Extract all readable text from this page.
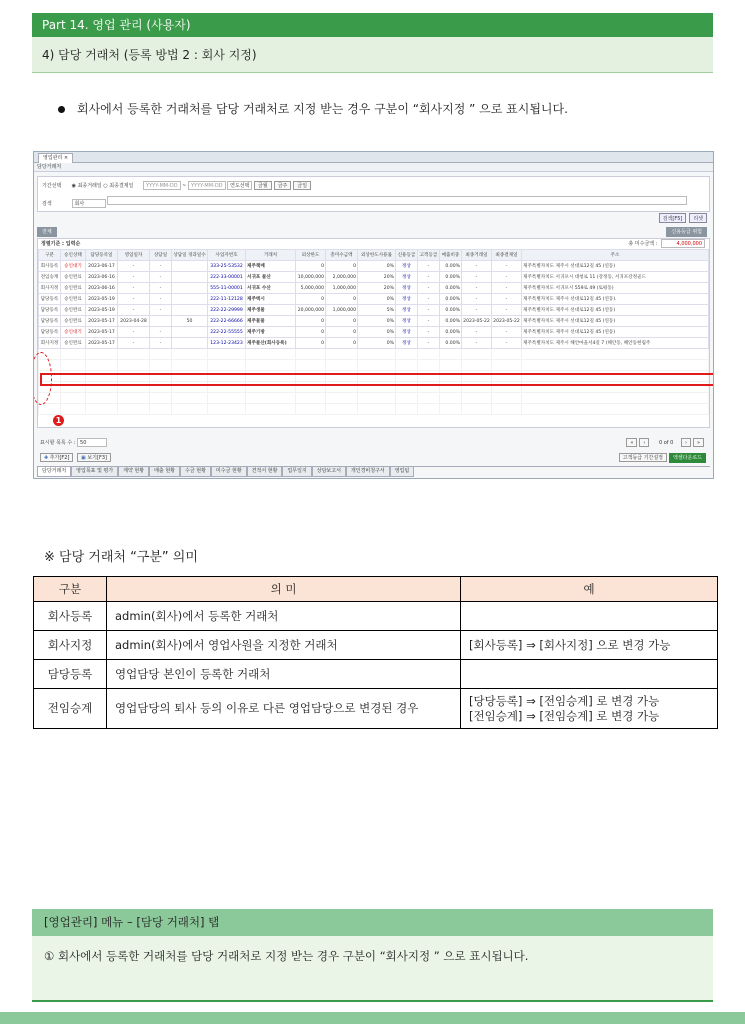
Part 14. 영업 관리 (사용자)
4) 담당 거래처 (등록 방법 2 : 회사 지정)
회사에서 등록한 거래처를 담당 거래처로 지정 받는 경우 구분이 “회사지정 ” 으로 표시됩니다.
영업관리 ×
담당거래처
기간선택 ◉ 최종거래일 ○ 최종결제일	YYYY-MM-DD ~ YYYY-MM-DD 연도선택 금월 금주 금일
검색	회사
검색[F5] 리셋
전체	신용등급 위험
정렬기준 : 입력순	총 미수금액 :	4,000,000
구분	승인상태	담당등록일	영업일자	상담일	상담일 경과일수	사업자번호	거래처	외상한도	총미수금액	외상한도사용률	신용등급	고객등급	매출비중	최종거래일	최종결제일	주소
회사등록	승인대기	2023-06-17	-	-		333-25-53532	제주책배	0	0	0%	정상	-	0.00%	-	-	제주특별자치도 제주시 선대로12길 45 (연동)
전임승계	승인완료	2023-06-16	-	-		222-33-00001	서귀포 물산	10,000,000	2,000,000	20%	정상	-	0.00%	-	-	제주특별자치도 서귀포시 대청로 11 (강정동, 서귀포강정골드
회사지정	승인완료	2023-06-16	-	-		555-11-00001	서귀포 수산	5,000,000	1,000,000	20%	정상	-	0.00%	-	-	제주특별자치도 서귀포시 559로 49 (토평동)
담당등록	승인완료	2023-05-19	-	-		222-11-12128	제주텍시	0	0	0%	정상	-	0.00%	-	-	제주특별자치도 제주시 선대로12길 45 (연동).
담당등록	승인완료	2023-05-19	-	-		222-22-29999	제주생물	20,000,000	1,000,000	5%	정상	-	0.00%	-	-	제주특별자치도 제주시 선대로12길 45 (연동)
담당등록	승인완료	2023-05-17	2023-04-28		50	222-22-66666	제주물물	0	0	0%	정상	-	0.00%	2023-05-22	2023-05-22	제주특별자치도 제주시 선대로12길 45 (연동)
담당등록	승인대기	2023-05-17	-	-		222-22-55555	제주기방	0	0	0%	정상	-	0.00%	-	-	제주특별자치도 제주시 선대로12길 45 (연동)
회사지정	승인완료	2023-05-17	-	-		123-12-23423	제주물산(회사등록)	0	0	0%	정상	-	0.00%	-	-	제주특별자치도 제주시 해안마을서4길 7 (해안동, 해안동현림주

1
표시할 목록 수 : 50	« ‹	0 of 0 › »
✚ 추가[F2] ▣ 보기[F3]	고객등급 기간설정 엑셀다운로드
담당거래처 영업목표 및 평가 계약 현황 매출 현황 수금 현황 미수금 현황 견적서 현황 업무일지 상담보고서 개인경비청구서 영업팀
※ 담당 거래처 “구분” 의미
구분	의 미	예
회사등록	admin(회사)에서 등록한 거래처	
회사지정	admin(회사)에서 영업사원을 지정한 거래처	[회사등록] ⇒ [회사지정] 으로 변경 가능
담당등록	영업담당 본인이 등록한 거래처	
전임승계	영업담당의 퇴사 등의 이유로 다른 영업담당으로 변경된 경우	[당당등록] ⇒ [전임승계] 로 변경 가능
[전임승계] ⇒ [전임승계] 로 변경 가능
[영업관리] 메뉴 – [담당 거래처] 탭
① 회사에서 등록한 거래처를 담당 거래처로 지정 받는 경우 구분이 “회사지정 ” 으로 표시됩니다.
